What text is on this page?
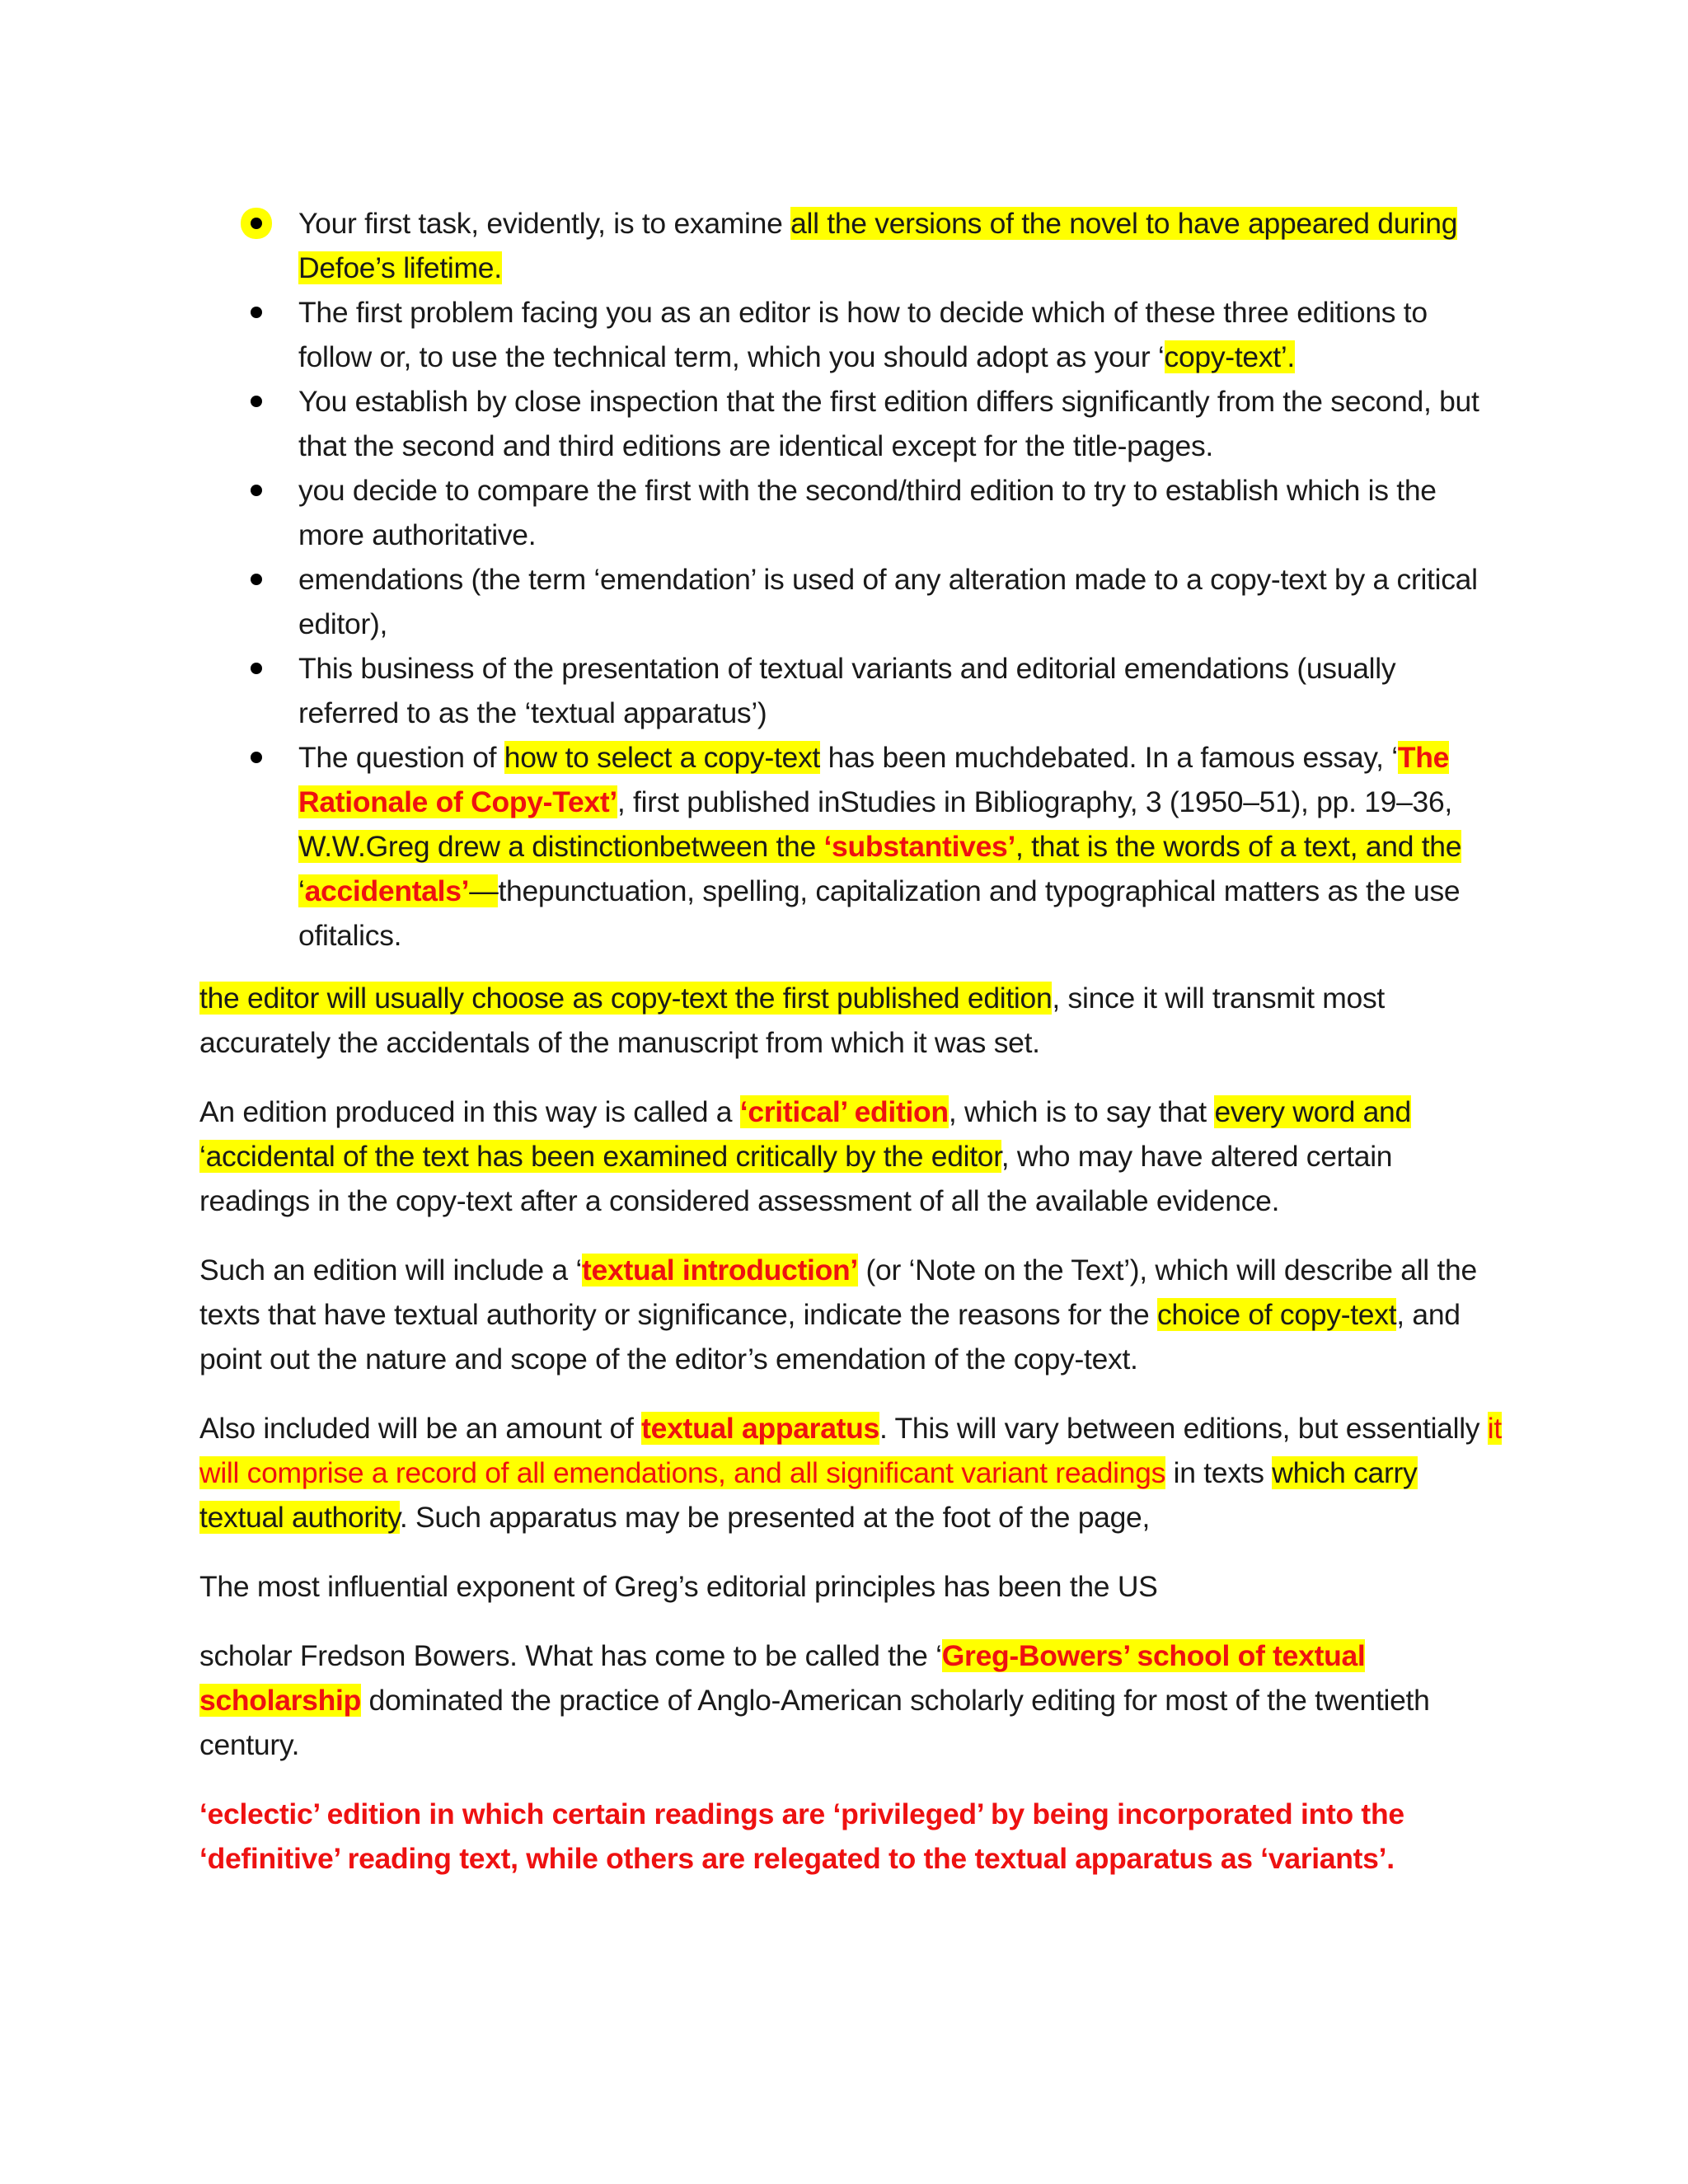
Your first task, evidently, is to examine all the versions of the novel to have appeared during Defoe’s lifetime.
The first problem facing you as an editor is how to decide which of these three editions to follow or, to use the technical term, which you should adopt as your ‘copy-text’.
You establish by close inspection that the first edition differs significantly from the second, but that the second and third editions are identical except for the title-pages.
you decide to compare the first with the second/third edition to try to establish which is the more authoritative.
emendations (the term ‘emendation’ is used of any alteration made to a copy-text by a critical editor),
This business of the presentation of textual variants and editorial emendations (usually referred to as the ‘textual apparatus’)
The question of how to select a copy-text has been muchdebated. In a famous essay, ‘The Rationale of Copy-Text’, first published inStudies in Bibliography, 3 (1950–51), pp. 19–36, W.W.Greg drew a distinctionbetween the ‘substantives’, that is the words of a text, and the ‘accidentals’—thepunctuation, spelling, capitalization and typographical matters as the use ofitalics.

the editor will usually choose as copy-text the first published edition, since it will transmit most accurately the accidentals of the manuscript from which it was set.

An edition produced in this way is called a ‘critical’ edition, which is to say that every word and ‘accidental of the text has been examined critically by the editor, who may have altered certain readings in the copy-text after a considered assessment of all the available evidence.

Such an edition will include a ‘textual introduction’ (or ‘Note on the Text’), which will describe all the texts that have textual authority or significance, indicate the reasons for the choice of copy-text, and point out the nature and scope of the editor’s emendation of the copy-text.

Also included will be an amount of textual apparatus. This will vary between editions, but essentially it will comprise a record of all emendations, and all significant variant readings in texts which carry textual authority. Such apparatus may be presented at the foot of the page,

The most influential exponent of Greg’s editorial principles has been the US

scholar Fredson Bowers. What has come to be called the ‘Greg-Bowers’ school of textual scholarship dominated the practice of Anglo-American scholarly editing for most of the twentieth century.

‘eclectic’ edition in which certain readings are ‘privileged’ by being incorporated into the ‘definitive’ reading text, while others are relegated to the textual apparatus as ‘variants’.
